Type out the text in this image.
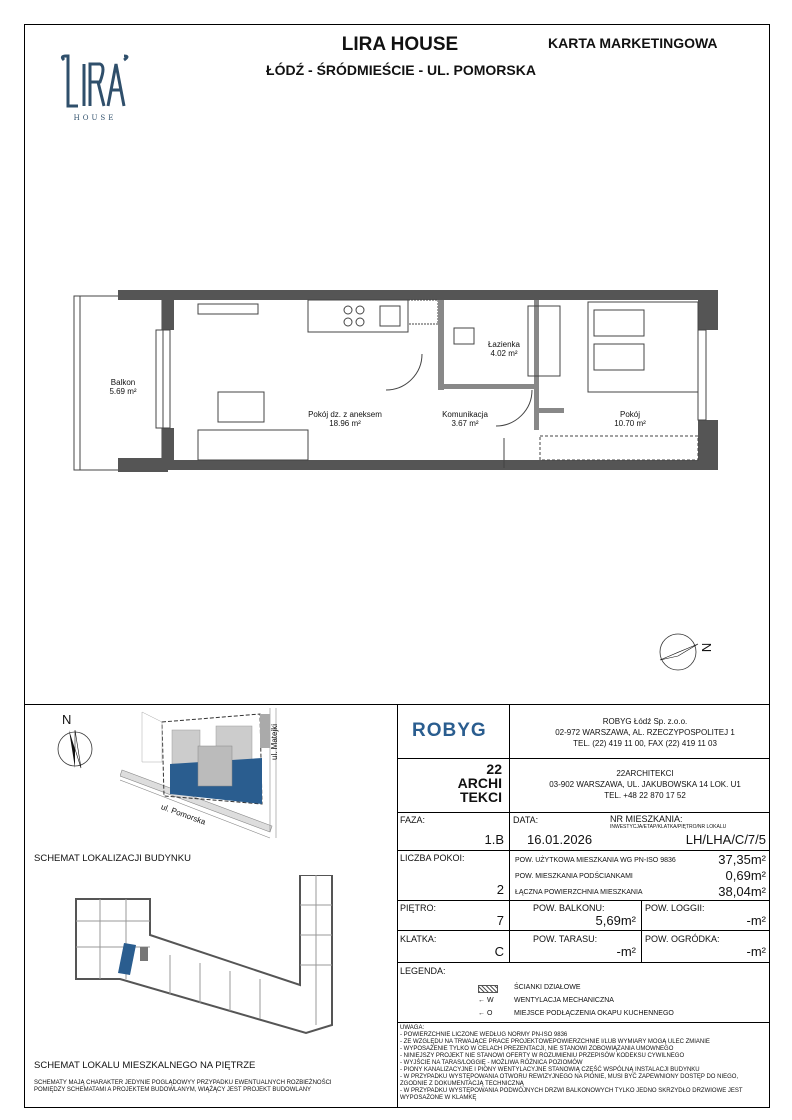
LIRA HOUSE
ŁÓDŹ - ŚRÓDMIEŚCIE - UL. POMORSKA
KARTA MARKETINGOWA
HOUSE
Balkon
5.69 m²
Pokój dz. z aneksem
18.96 m²
Łazienka
4.02 m²
Komunikacja
3.67 m²
Pokój
10.70 m²
N
N
ul. Matejki
ul. Pomorska
SCHEMAT LOKALIZACJI BUDYNKU
SCHEMAT LOKALU MIESZKALNEGO NA PIĘTRZE
SCHEMATY MAJĄ CHARAKTER JEDYNIE POGLĄDOWYY PRZYPADKU EWENTUALNYCH ROZBIEŻNOŚCI POMIĘDZY SCHEMATAMI A PROJEKTEM BUDOWLANYM, WIĄŻĄCY JEST PROJEKT BUDOWLANY
ROBYG	ROBYG Łódź Sp. z.o.o.
02-972 WARSZAWA, AL. RZECZYPOSPOLITEJ 1
TEL. (22) 419 11 00, FAX (22) 419 11 03
22
ARCHI
TEKCI
22ARCHITEKCI
03-902 WARSZAWA, UL. JAKUBOWSKA 14 LOK. U1
TEL. +48 22 870 17 52
FAZA:
1.B
DATA:
16.01.2026
NR MIESZKANIA:
INWESTYCJA/ETAP/KLATKA/PIĘTRO/NR LOKALU
LH/LHA/C/7/5
LICZBA POKOI:
2
POW. UŻYTKOWA MIESZKANIA WG PN-ISO 9836	37,35m²
POW. MIESZKANIA PODŚCIANKAMI	0,69m²
ŁĄCZNA POWIERZCHNIA MIESZKANIA	38,04m²
PIĘTRO:
7
POW. BALKONU:
5,69m²
POW. LOGGII:
-m²
KLATKA:
C
POW. TARASU:
-m²
POW. OGRÓDKA:
-m²
LEGENDA:
ŚCIANKI DZIAŁOWE
← W	WENTYLACJA MECHANICZNA
← O	MIEJSCE PODŁĄCZENIA OKAPU KUCHENNEGO
UWAGA:
- POWIERZCHNIE LICZONE WEDŁUG NORMY PN-ISO 9836
- ZE WZGLĘDU NA TRWAJĄCE PRACE PROJEKTOWEPOWIERZCHNIE I/LUB WYMIARY MOGĄ ULEC ZMIANIE
- WYPOSAŻENIE TYLKO W CELACH PREZENTACJI, NIE STANOWI ZOBOWIĄZANIA UMOWNEGO
- NINIEJSZY PROJEKT NIE STANOWI OFERTY W ROZUMIENIU PRZEPISÓW KODEKSU CYWILNEGO
- WYJŚCIE NA TARAS/LOGGIĘ - MOŻLIWA RÓŻNICA POZIOMÓW
- PIONY KANALIZACYJNE I PIONY WENTYLACYJNE STANOWIĄ CZĘŚĆ WSPÓLNĄ INSTALACJI BUDYNKU
- W PRZYPADKU WYSTĘPOWANIA OTWORU REWIZYJNEGO NA PIONIE, MUSI BYĆ ZAPEWNIONY DOSTĘP DO NIEGO, ZGODNIE Z DOKUMENTACJĄ TECHNICZNĄ
- W PRZYPADKU WYSTĘPOWANIA PODWÓJNYCH DRZWI BALKONOWYCH TYLKO JEDNO SKRZYDŁO DRZWIOWE JEST WYPOSAŻONE W KLAMKĘ
